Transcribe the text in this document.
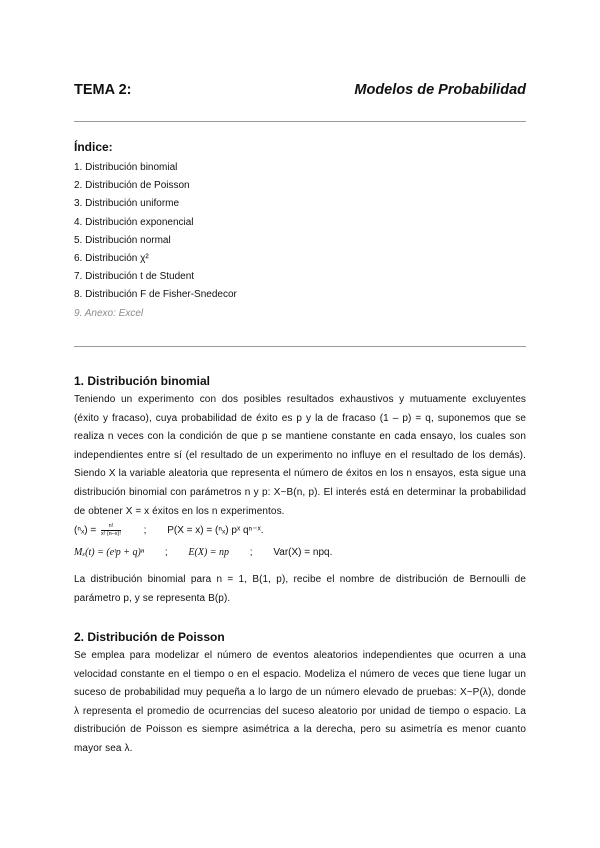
TEMA 2:	Modelos de Probabilidad
Índice:
1. Distribución binomial
2. Distribución de Poisson
3. Distribución uniforme
4. Distribución exponencial
5. Distribución normal
6. Distribución χ²
7. Distribución t de Student
8. Distribución F de Fisher-Snedecor
9. Anexo: Excel
1. Distribución binomial
Teniendo un experimento con dos posibles resultados exhaustivos y mutuamente excluyentes (éxito y fracaso), cuya probabilidad de éxito es p y la de fracaso (1 – p) = q, suponemos que se realiza n veces con la condición de que p se mantiene constante en cada ensayo, los cuales son independientes entre sí (el resultado de un experimento no influye en el resultado de los demás). Siendo X la variable aleatoria que representa el número de éxitos en los n ensayos, esta sigue una distribución binomial con parámetros n y p: X~B(n, p). El interés está en determinar la probabilidad de obtener X = x éxitos en los n experimentos.
$(^n_x) = \frac{n!}{x! (n-x)!}$ ; P(X = x) = (ⁿₓ) pˣ qⁿ⁻ˣ.
Mₓ(t) = (eᵗp + q)ⁿ ; E(X) = np ; Var(X) = npq.
La distribución binomial para n = 1, B(1, p), recibe el nombre de distribución de Bernoulli de parámetro p, y se representa B(p).
2. Distribución de Poisson
Se emplea para modelizar el número de eventos aleatorios independientes que ocurren a una velocidad constante en el tiempo o en el espacio. Modeliza el número de veces que tiene lugar un suceso de probabilidad muy pequeña a lo largo de un número elevado de pruebas: X~P(λ), donde λ representa el promedio de ocurrencias del suceso aleatorio por unidad de tiempo o espacio. La distribución de Poisson es siempre asimétrica a la derecha, pero su asimetría es menor cuanto mayor sea λ.
